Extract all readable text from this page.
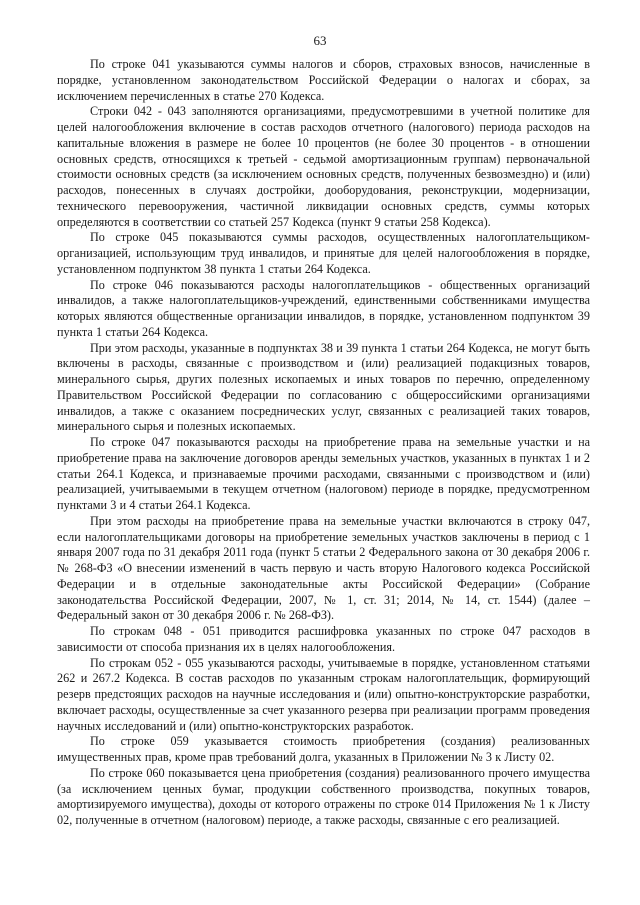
63

По строке 041 указываются суммы налогов и сборов, страховых взносов, начисленные в порядке, установленном законодательством Российской Федерации о налогах и сборах, за исключением перечисленных в статье 270 Кодекса.

Строки 042 - 043 заполняются организациями, предусмотревшими в учетной политике для целей налогообложения включение в состав расходов отчетного (налогового) периода расходов на капитальные вложения в размере не более 10 процентов (не более 30 процентов - в отношении основных средств, относящихся к третьей - седьмой амортизационным группам) первоначальной стоимости основных средств (за исключением основных средств, полученных безвозмездно) и (или) расходов, понесенных в случаях достройки, дооборудования, реконструкции, модернизации, технического перевооружения, частичной ликвидации основных средств, суммы которых определяются в соответствии со статьей 257 Кодекса (пункт 9 статьи 258 Кодекса).

По строке 045 показываются суммы расходов, осуществленных налогоплательщиком-организацией, использующим труд инвалидов, и принятые для целей налогообложения в порядке, установленном подпунктом 38 пункта 1 статьи 264 Кодекса.

По строке 046 показываются расходы налогоплательщиков - общественных организаций инвалидов, а также налогоплательщиков-учреждений, единственными собственниками имущества которых являются общественные организации инвалидов, в порядке, установленном подпунктом 39 пункта 1 статьи 264 Кодекса.

При этом расходы, указанные в подпунктах 38 и 39 пункта 1 статьи 264 Кодекса, не могут быть включены в расходы, связанные с производством и (или) реализацией подакцизных товаров, минерального сырья, других полезных ископаемых и иных товаров по перечню, определенному Правительством Российской Федерации по согласованию с общероссийскими организациями инвалидов, а также с оказанием посреднических услуг, связанных с реализацией таких товаров, минерального сырья и полезных ископаемых.

По строке 047 показываются расходы на приобретение права на земельные участки и на приобретение права на заключение договоров аренды земельных участков, указанных в пунктах 1 и 2 статьи 264.1 Кодекса, и признаваемые прочими расходами, связанными с производством и (или) реализацией, учитываемыми в текущем отчетном (налоговом) периоде в порядке, предусмотренном пунктами 3 и 4 статьи 264.1 Кодекса.

При этом расходы на приобретение права на земельные участки включаются в строку 047, если налогоплательщиками договоры на приобретение земельных участков заключены в период с 1 января 2007 года по 31 декабря 2011 года (пункт 5 статьи 2 Федерального закона от 30 декабря 2006 г. № 268-ФЗ «О внесении изменений в часть первую и часть вторую Налогового кодекса Российской Федерации и в отдельные законодательные акты Российской Федерации» (Собрание законодательства Российской Федерации, 2007, № 1, ст. 31; 2014, № 14, ст. 1544) (далее – Федеральный закон от 30 декабря 2006 г. № 268-ФЗ).

По строкам 048 - 051 приводится расшифровка указанных по строке 047 расходов в зависимости от способа признания их в целях налогообложения.

По строкам 052 - 055 указываются расходы, учитываемые в порядке, установленном статьями 262 и 267.2 Кодекса. В состав расходов по указанным строкам налогоплательщик, формирующий резерв предстоящих расходов на научные исследования и (или) опытно-конструкторские разработки, включает расходы, осуществленные за счет указанного резерва при реализации программ проведения научных исследований и (или) опытно-конструкторских разработок.

По строке 059 указывается стоимость приобретения (создания) реализованных имущественных прав, кроме прав требований долга, указанных в Приложении № 3 к Листу 02.

По строке 060 показывается цена приобретения (создания) реализованного прочего имущества (за исключением ценных бумаг, продукции собственного производства, покупных товаров, амортизируемого имущества), доходы от которого отражены по строке 014 Приложения № 1 к Листу 02, полученные в отчетном (налоговом) периоде, а также расходы, связанные с его реализацией.
